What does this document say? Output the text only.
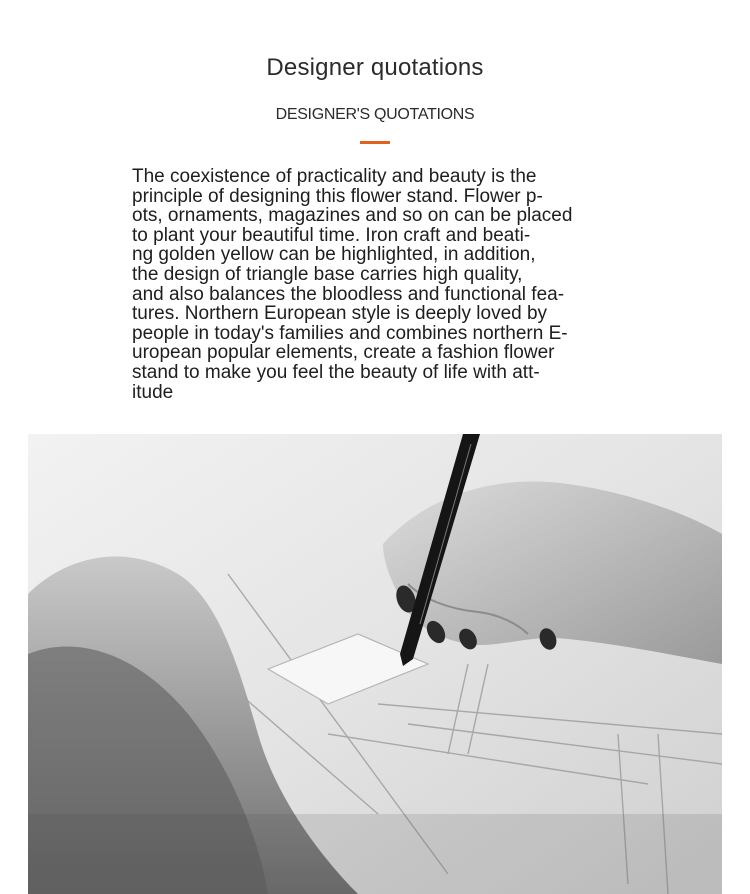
Designer quotations
DESIGNER'S QUOTATIONS
The coexistence of practicality and beauty is the
principle of designing this flower stand. Flower p-
ots, ornaments, magazines and so on can be placed
to plant your beautiful time. Iron craft and beati-
ng golden yellow can be highlighted, in addition,
the design of triangle base carries high quality,
and also balances the bloodless and functional fea-
tures. Northern European style is deeply loved by
people in today's families and combines northern E-
uropean popular elements, create a fashion flower
stand to make you feel the beauty of life with att-
itude
